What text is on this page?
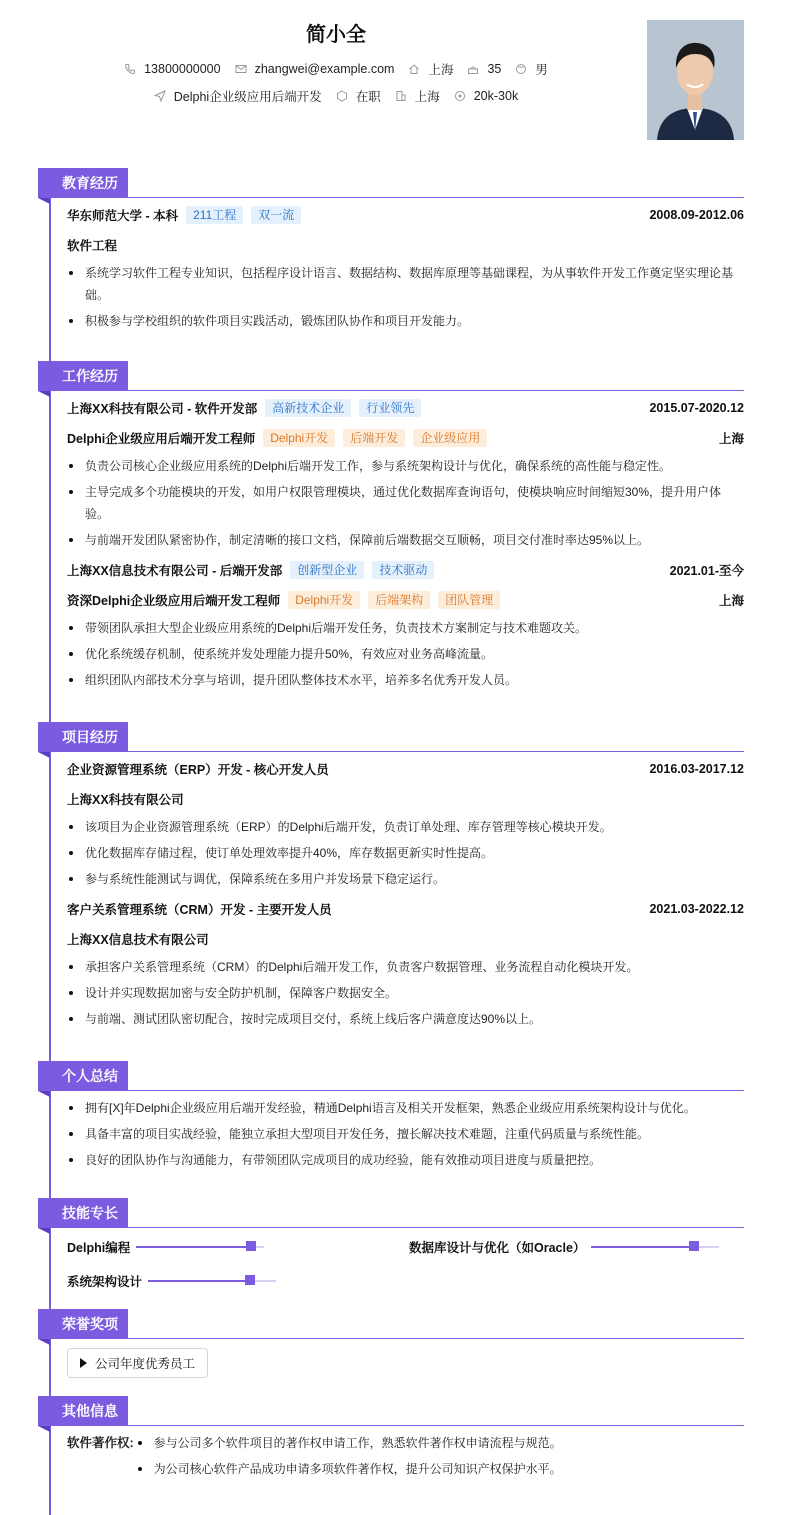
简小全
13800000000	zhangwei@example.com	上海	35	男
Delphi企业级应用后端开发	在职	上海	20k-30k
教育经历
华东师范大学 - 本科	211工程	双一流	2008.09-2012.06
软件工程
系统学习软件工程专业知识，包括程序设计语言、数据结构、数据库原理等基础课程，为从事软件开发工作奠定坚实理论基础。
积极参与学校组织的软件项目实践活动，锻炼团队协作和项目开发能力。
工作经历
上海XX科技有限公司 - 软件开发部	高新技术企业	行业领先	2015.07-2020.12
Delphi企业级应用后端开发工程师	Delphi开发	后端开发	企业级应用	上海
负责公司核心企业级应用系统的Delphi后端开发工作，参与系统架构设计与优化，确保系统的高性能与稳定性。
主导完成多个功能模块的开发，如用户权限管理模块，通过优化数据库查询语句，使模块响应时间缩短30%，提升用户体验。
与前端开发团队紧密协作，制定清晰的接口文档，保障前后端数据交互顺畅，项目交付准时率达95%以上。
上海XX信息技术有限公司 - 后端开发部	创新型企业	技术驱动	2021.01-至今
资深Delphi企业级应用后端开发工程师	Delphi开发	后端架构	团队管理	上海
带领团队承担大型企业级应用系统的Delphi后端开发任务，负责技术方案制定与技术难题攻关。
优化系统缓存机制，使系统并发处理能力提升50%，有效应对业务高峰流量。
组织团队内部技术分享与培训，提升团队整体技术水平，培养多名优秀开发人员。
项目经历
企业资源管理系统（ERP）开发 - 核心开发人员	2016.03-2017.12
上海XX科技有限公司
该项目为企业资源管理系统（ERP）的Delphi后端开发，负责订单处理、库存管理等核心模块开发。
优化数据库存储过程，使订单处理效率提升40%，库存数据更新实时性提高。
参与系统性能测试与调优，保障系统在多用户并发场景下稳定运行。
客户关系管理系统（CRM）开发 - 主要开发人员	2021.03-2022.12
上海XX信息技术有限公司
承担客户关系管理系统（CRM）的Delphi后端开发工作，负责客户数据管理、业务流程自动化模块开发。
设计并实现数据加密与安全防护机制，保障客户数据安全。
与前端、测试团队密切配合，按时完成项目交付，系统上线后客户满意度达90%以上。
个人总结
拥有[X]年Delphi企业级应用后端开发经验，精通Delphi语言及相关开发框架，熟悉企业级应用系统架构设计与优化。
具备丰富的项目实战经验，能独立承担大型项目开发任务，擅长解决技术难题，注重代码质量与系统性能。
良好的团队协作与沟通能力，有带领团队完成项目的成功经验，能有效推动项目进度与质量把控。
技能专长
Delphi编程	数据库设计与优化（如Oracle）
系统架构设计
荣誉奖项
公司年度优秀员工
其他信息
软件著作权:	参与公司多个软件项目的著作权申请工作，熟悉软件著作权申请流程与规范。
为公司核心软件产品成功申请多项软件著作权，提升公司知识产权保护水平。
